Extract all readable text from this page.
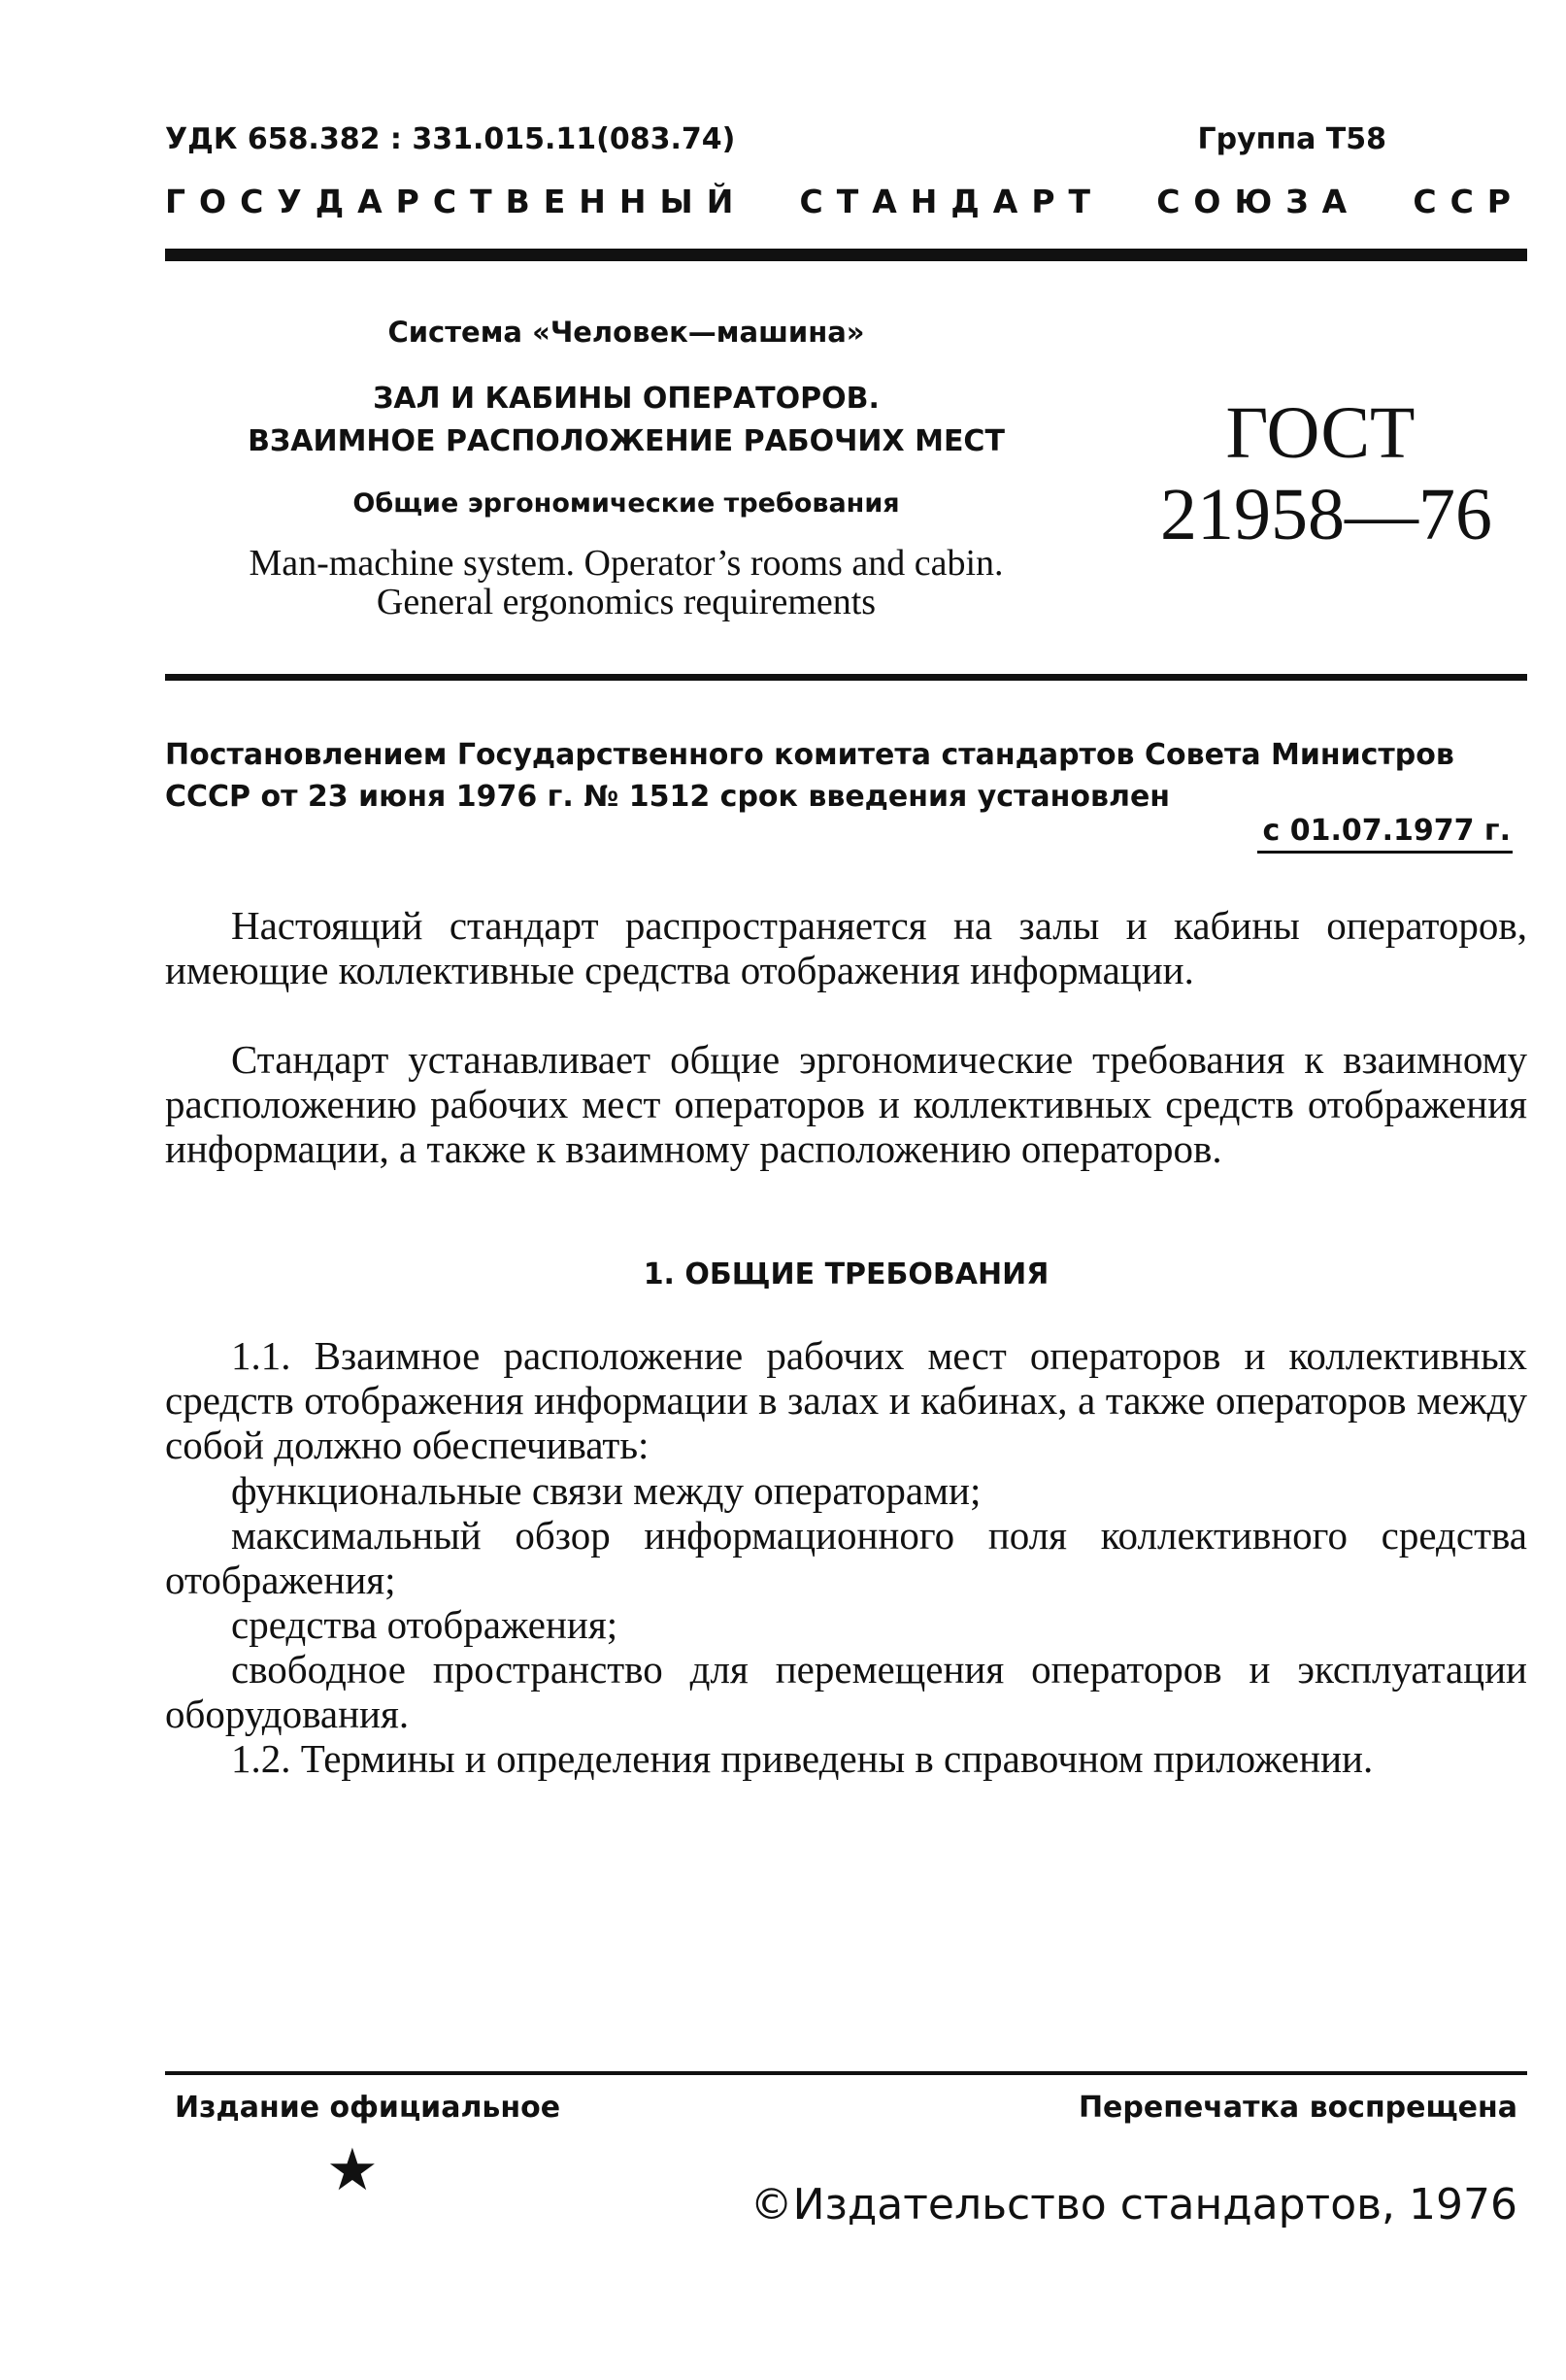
УДК 658.382 : 331.015.11(083.74)	Группа Т58
ГОСУДАРСТВЕННЫЙ СТАНДАРТ СОЮЗА ССР
Система «Человек—машина»
ЗАЛ И КАБИНЫ ОПЕРАТОРОВ.
ВЗАИМНОЕ РАСПОЛОЖЕНИЕ РАБОЧИХ МЕСТ
Общие эргономические требования
Man-machine system. Operator’s rooms and cabin.
General ergonomics requirements
ГОСТ
21958—76
Постановлением Государственного комитета стандартов Совета Министров СССР от 23 июня 1976 г. № 1512 срок введения установлен
с 01.07.1977 г.
Настоящий стандарт распространяется на залы и кабины операторов, имеющие коллективные средства отображения информации.
Стандарт устанавливает общие эргономические требования к взаимному расположению рабочих мест операторов и коллективных средств отображения информации, а также к взаимному расположению операторов.
1. ОБЩИЕ ТРЕБОВАНИЯ
1.1. Взаимное расположение рабочих мест операторов и коллективных средств отображения информации в залах и кабинах, а также операторов между собой должно обеспечивать:
функциональные связи между операторами;
максимальный обзор информационного поля коллективного средства отображения;
средства отображения;
свободное пространство для перемещения операторов и эксплуатации оборудования.
1.2. Термины и определения приведены в справочном приложении.
Издание официальное	Перепечатка воспрещена
★
©Издательство стандартов, 1976
